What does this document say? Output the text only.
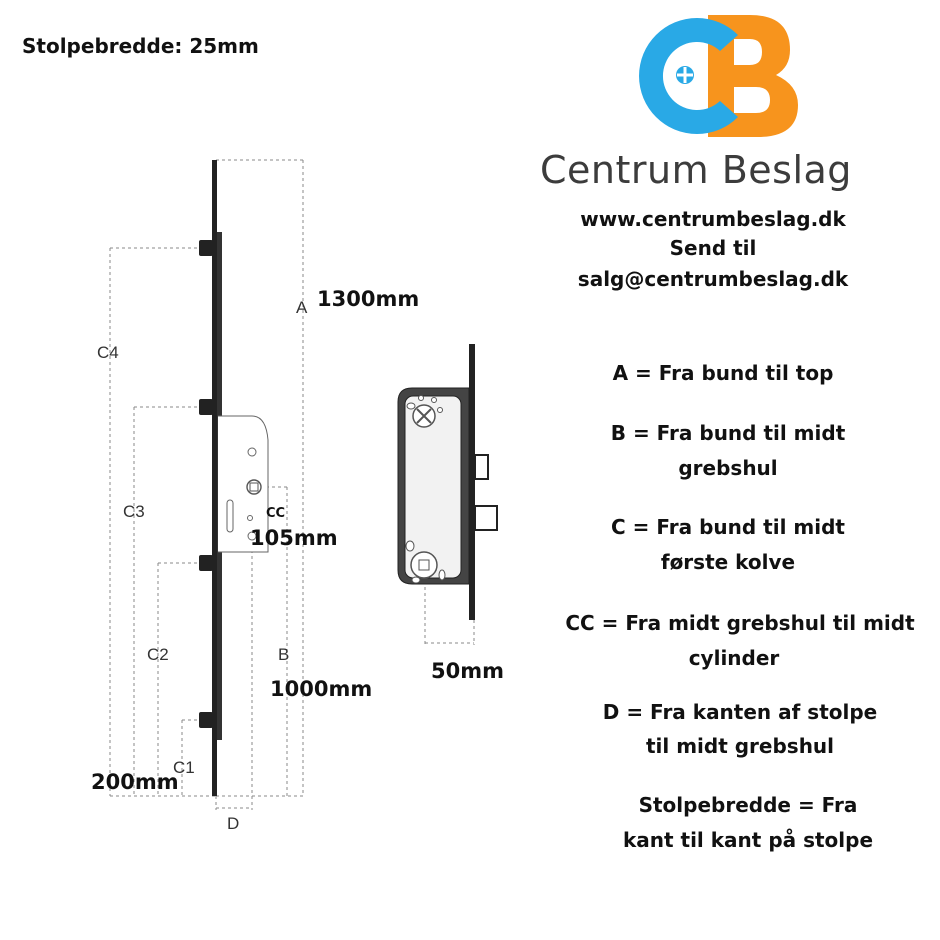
Stolpebredde: 25mm
Centrum Beslag
www.centrumbeslag.dk
Send til
salg@centrumbeslag.dk
A = Fra bund til top
B = Fra bund til midt
grebshul
C = Fra bund til midt
første kolve
CC = Fra midt grebshul til midt
cylinder
D = Fra kanten af stolpe
til midt grebshul
Stolpebredde = Fra
kant til kant på stolpe
A
B
C4
C3
C2
C1
D
1300mm
CC
105mm
1000mm
200mm
50mm
